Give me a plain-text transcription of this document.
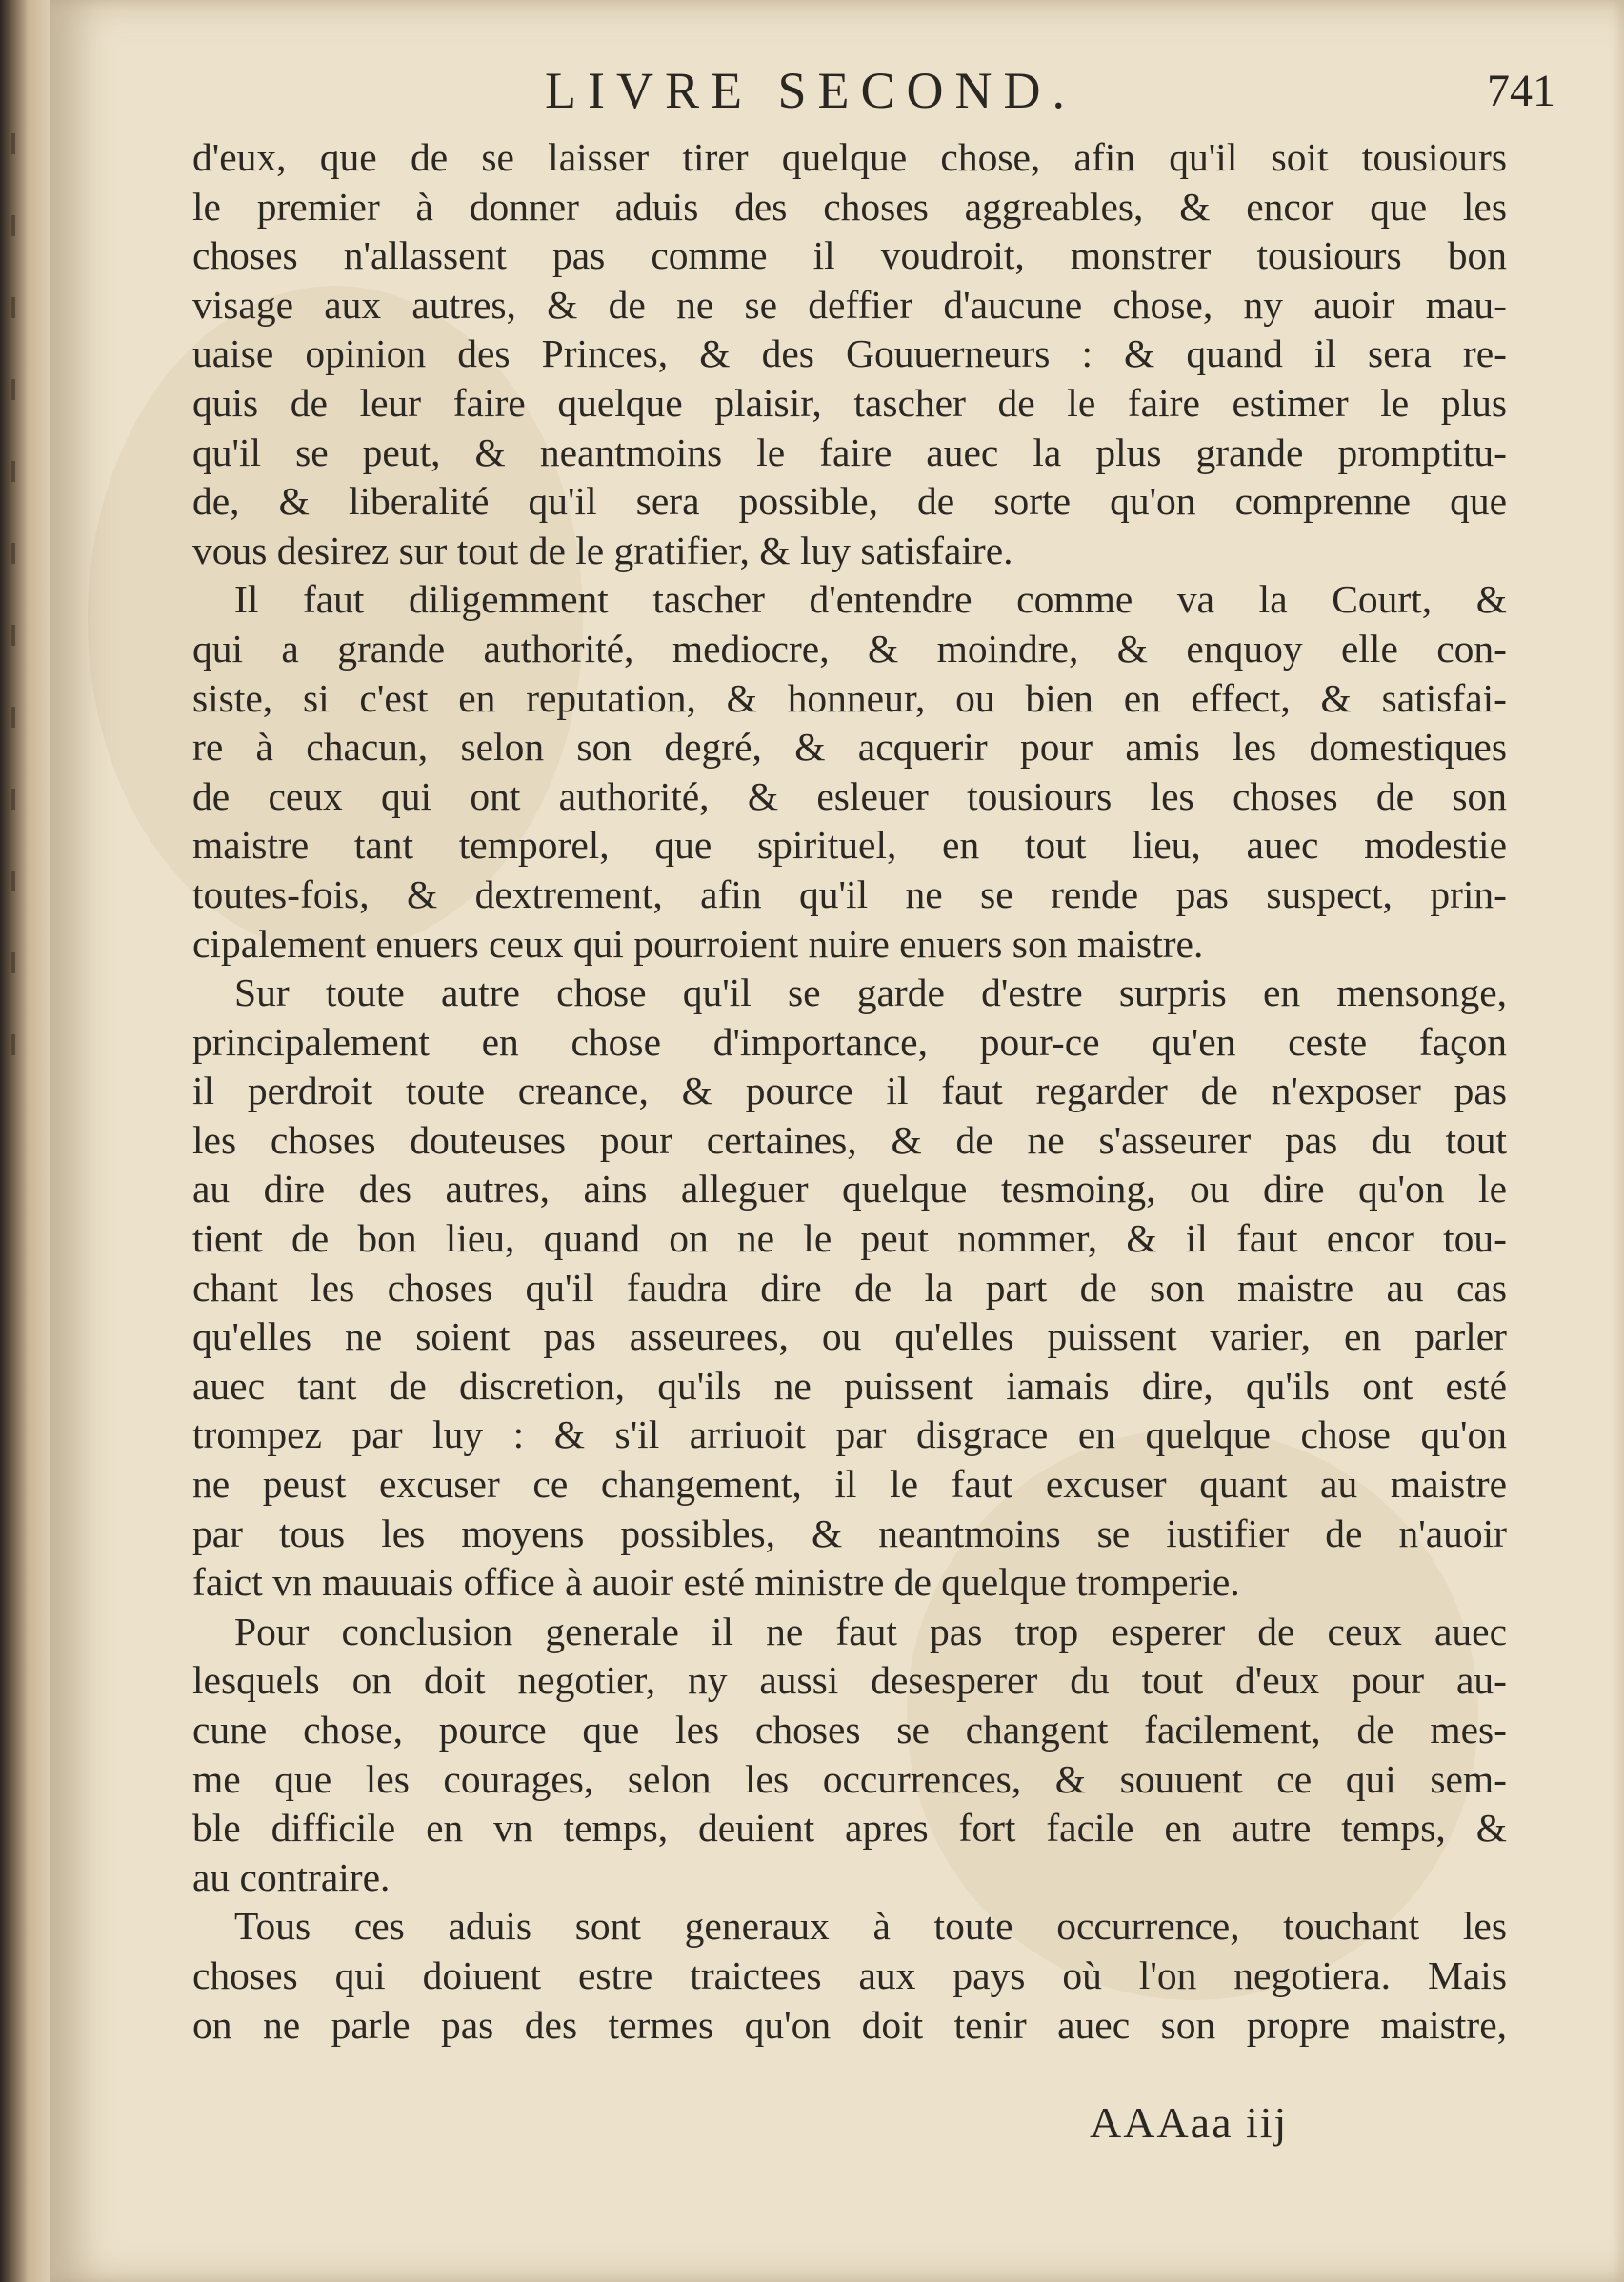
LIVRE SECOND.	741
d'eux, que de se laisser tirer quelque chose, afin qu'il soit tousiours
le premier à donner aduis des choses aggreables, & encor que les
choses n'allassent pas comme il voudroit, monstrer tousiours bon
visage aux autres, & de ne se deffier d'aucune chose, ny auoir mau-
uaise opinion des Princes, & des Gouuerneurs : & quand il sera re-
quis de leur faire quelque plaisir, tascher de le faire estimer le plus
qu'il se peut, & neantmoins le faire auec la plus grande promptitu-
de, & liberalité qu'il sera possible, de sorte qu'on comprenne que
vous desirez sur tout de le gratifier, & luy satisfaire.
Il faut diligemment tascher d'entendre comme va la Court, &
qui a grande authorité, mediocre, & moindre, & enquoy elle con-
siste, si c'est en reputation, & honneur, ou bien en effect, & satisfai-
re à chacun, selon son degré, & acquerir pour amis les domestiques
de ceux qui ont authorité, & esleuer tousiours les choses de son
maistre tant temporel, que spirituel, en tout lieu, auec modestie
toutes-fois, & dextrement, afin qu'il ne se rende pas suspect, prin-
cipalement enuers ceux qui pourroient nuire enuers son maistre.
Sur toute autre chose qu'il se garde d'estre surpris en mensonge,
principalement en chose d'importance, pour-ce qu'en ceste façon
il perdroit toute creance, & pource il faut regarder de n'exposer pas
les choses douteuses pour certaines, & de ne s'asseurer pas du tout
au dire des autres, ains alleguer quelque tesmoing, ou dire qu'on le
tient de bon lieu, quand on ne le peut nommer, & il faut encor tou-
chant les choses qu'il faudra dire de la part de son maistre au cas
qu'elles ne soient pas asseurees, ou qu'elles puissent varier, en parler
auec tant de discretion, qu'ils ne puissent iamais dire, qu'ils ont esté
trompez par luy : & s'il arriuoit par disgrace en quelque chose qu'on
ne peust excuser ce changement, il le faut excuser quant au maistre
par tous les moyens possibles, & neantmoins se iustifier de n'auoir
faict vn mauuais office à auoir esté ministre de quelque tromperie.
Pour conclusion generale il ne faut pas trop esperer de ceux auec
lesquels on doit negotier, ny aussi desesperer du tout d'eux pour au-
cune chose, pource que les choses se changent facilement, de mes-
me que les courages, selon les occurrences, & souuent ce qui sem-
ble difficile en vn temps, deuient apres fort facile en autre temps, &
au contraire.
Tous ces aduis sont generaux à toute occurrence, touchant les
choses qui doiuent estre traictees aux pays où l'on negotiera. Mais
on ne parle pas des termes qu'on doit tenir auec son propre maistre,
AAAaa iij
